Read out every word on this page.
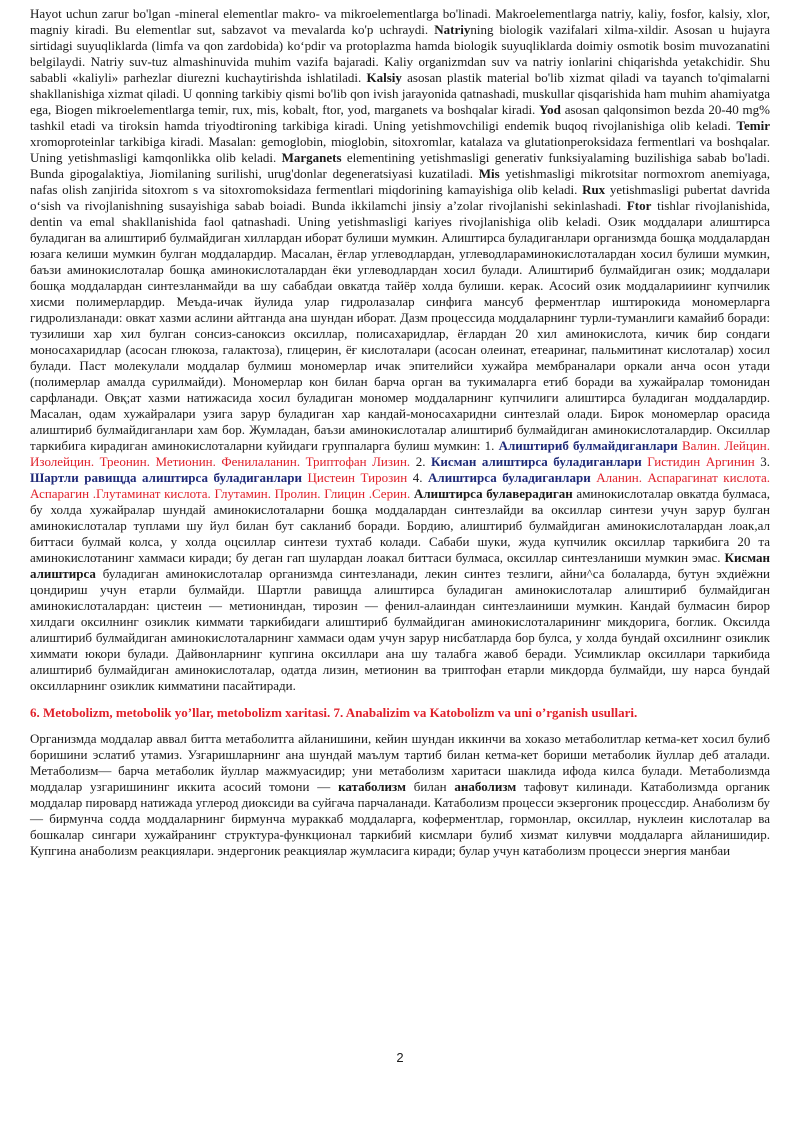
Hayot uchun zarur bo'lgan -mineral elementlar makro- va mikroelementlarga bo'linadi. Makroelementlarga natriy, kaliy, fosfor, kalsiy, xlor, magniy kiradi. Bu elementlar sut, sabzavot va mevalarda ko'p uchraydi. Natriyning biologik vazifalari xilma-xildir. Asosan u hujayra sirtidagi suyuqliklarda (limfa va qon zardobida) ko‘pdir va protoplazma hamda biologik suyuqliklarda doimiy osmotik bosim muvozanatini belgilaydi. Natriy suv-tuz almashinuvida muhim vazifa bajaradi. Kaliy organizmdan suv va natriy ionlarini chiqarishda yetakchidir. Shu sababli «kaliyli» parhezlar diurezni kuchaytirishda ishlatiladi. Kalsiy asosan plastik material bo'lib xizmat qiladi va tayanch to'qimalarni shakllanishiga xizmat qiladi. U qonning tarkibiy qismi bo'lib qon ivish jarayonida qatnashadi, muskullar qisqarishida ham muhim ahamiyatga ega, Biogen mikroelementlarga temir, rux, mis, kobalt, ftor, yod, marganets va boshqalar kiradi. Yod asosan qalqonsimon bezda 20-40 mg% tashkil etadi va tiroksin hamda triyodtironing tarkibiga kiradi. Uning yetishmovchiligi endemik buqoq rivojlanishiga olib keladi. Temir xromoproteinlar tarkibiga kiradi. Masalan: gemoglobin, mioglobin, sitoxromlar, katalaza va glutationperoksidaza fermentlari va boshqalar. Uning yetishmasligi kamqonlikka olib keladi. Marganets elementining yetishmasligi generativ funksiyalaming buzilishiga sabab bo'ladi. Bunda gipogalaktiya, Jiomilaning surilishi, urug'donlar degeneratsiyasi kuzatiladi. Mis yetishmasligi mikrotsitar normoxrom anemiyaga, nafas olish zanjirida sitoxrom s va sitoxromoksidaza fermentlari miqdorining kamayishiga olib keladi. Rux yetishmasligi pubertat davrida o‘sish va rivojlanishning susayishiga sabab boiadi. Bunda ikkilamchi jinsiy a’zolar rivojlanishi sekinlashadi. Ftor tishlar rivojlanishida, dentin va emal shakllanishida faol qatnashadi. Uning yetishmasligi kariyes rivojlanishiga olib keladi. Озик моддалари алиштирса буладиган ва алиштириб булмайдиган хиллардан иборат булиши мумкин. Алиштирса буладиганлари организмда бошқа моддалардан юзага келиши мумкин булган моддалардир. Масалан, ёғлар углеводлардан, углеводлараминокислоталардан хосил булиши мумкин, баъзи аминокислоталар бошқа аминокислоталардан ёки углеводлардан хосил булади. Алиштириб булмайдиган озик; моддалари бошқа моддалардан синтезланмайди ва шу сабабдаи овкатда тайёр холда булиши. керак. Асосий озик моддаларииинг купчилик хисми полимерлардир. Меъда-ичак йулида улар гидролазалар синфига мансуб ферментлар иштирокида мономерларга гидролизланади: овкат хазми аслини айтганда ана шундан иборат. Дазм процессида моддаларнинг турли-туманлиги камайиб боради: тузилиши хар хил булган сонсиз-саноксиз оксиллар, полисахаридлар, ёғлардан 20 хил аминокислота, кичик бир сондаги моносахаридлар (асосан глюкоза, галактоза), глицерин, ёғ кислоталари (асосан олеинат, етеаринаг, пальмитинат кислоталар) хосил булади. Паст молекулали моддалар булмиш мономерлар ичак эпителийси хужайра мембраналари оркали анча осон утади (полимерлар амалда сурилмайди). Мономерлар кон билан барча орган ва тукималарга етиб боради ва хужайралар томонидан сарфланади. Овқ;ат хазми натижасида хосил буладиган мономер моддаларнинг купчилиги алиштирса буладиган моддалардир. Масалан, одам хужайралари узига зарур буладиган хар кандай-моносахаридни синтезлай олади. Бирок мономерлар орасида алиштириб булмайдиганлари хам бор. Жумладан, баъзи аминокислоталар алиштириб булмайдиган аминокислоталардир. Оксиллар таркибига кирадиган аминокислоталарни куйидаги группаларга булиш мумкин: 1. Алиштириб булмайдиганлари Валин. Лейцин. Изолейцин. Треонин. Метионин. Фенилаланин. Триптофан Лизин. 2. Кисман алиштирса буладиганлари Гистидин Аргинин 3. Шартли равищда алиштирса буладиганлари Цистеин Тирозин 4. Алиштирса буладиганлари Аланин. Аспарагинат кислота. Аспарагин .Глутаминат кислота. Глутамин. Пролин. Глицин .Серин. Алиштирса булавeрадиган аминокислоталар овкатда булмаса, бу холда хужайралар шундай аминокислоталарни бошқа моддалардан синтезлайди ва оксиллар синтези учун зарур булган аминокислоталар туплами шу йул билан бут сакланиб боради. Бордию, алиштириб булмайдиган аминокислоталардан лоак,ал биттаси булмай колса, у холда оцсиллар синтези тухтаб колади. Сабаби шуки, жуда купчилик оксиллар таркибига 20 та аминокислотанинг хаммаси киради; бу деган гап шулардан лоакал биттаси булмаса, оксиллар синтезланиши мумкин эмас. Кисман алиштирса буладиган аминокислоталар организмда синтезланади, лекин синтез тезлиги, айни^са болаларда, бутун эхдиёжни цондириш учун етарли булмайди. Шартли равищда алиштирса буладиган аминокислоталар алиштириб булмайдиган аминокислоталардан: цистеин — метиониндан, тирозин — фенил-алаиндан синтезлаиниши мумкин. Кандай булмасин бирор хилдаги оксилнинг озиклик киммати таркибидаги алиштириб булмайдиган аминокислоталарининг микдорига, боглик. Оксилда алиштириб булмайдиган аминокислоталарнинг хаммаси одам учун зарур нисбатларда бор булса, у холда бундай охсилнинг озиклик химмати юкори булади. Дайвонларнинг купгина оксиллари ана шу талабга жавоб беради. Усимликлар оксиллари таркибида алиштириб булмайдиган аминокислоталар, одатда лизин, метионин ва триптофан етарли микдорда булмайди, шу нарса бундай оксилларнинг озиклик кимматини пасайтиради.

6. Metobolizm, metobolik yo’llar, metobolizm xaritasi. 7. Anabalizim va Katobolizm va uni o’rganish usullari.

Организмда моддалар аввал битта метаболитга айланишини, кейин шундан иккинчи ва хоказо метаболитлар кетма-кет хосил булиб боришини эслатиб утамиз. Узгаришларнинг ана шундай маълум тартиб билан кетма-кет бориши метаболик йуллар деб аталади. Метаболизм— барча метаболик йуллар мажмуасидир; уни метаболизм харитаси шаклида ифода килса булади. Метаболизмда моддалар узгаришининг иккита асосий томони — катаболизм билан анаболизм тафовут килинади. Катаболизмда органик моддалар пировард натижада углерод диоксиди ва суйгача парчаланади. Катаболизм процесси экзергоник процессдир. Анаболизм бу — бирмунча содда моддаларнинг бирмунча мураккаб моддаларга, коферментлар, гормонлар, оксиллар, нуклеин кислоталар ва бошкалар сингари хужайранинг структура-функционал таркибий кисмлари булиб хизмат килувчи моддаларга айланишидир. Купгина анаболизм реакциялари. эндергоник реакциялар жумласига киради; булар учун катаболизм процесси энергия манбаи

2
